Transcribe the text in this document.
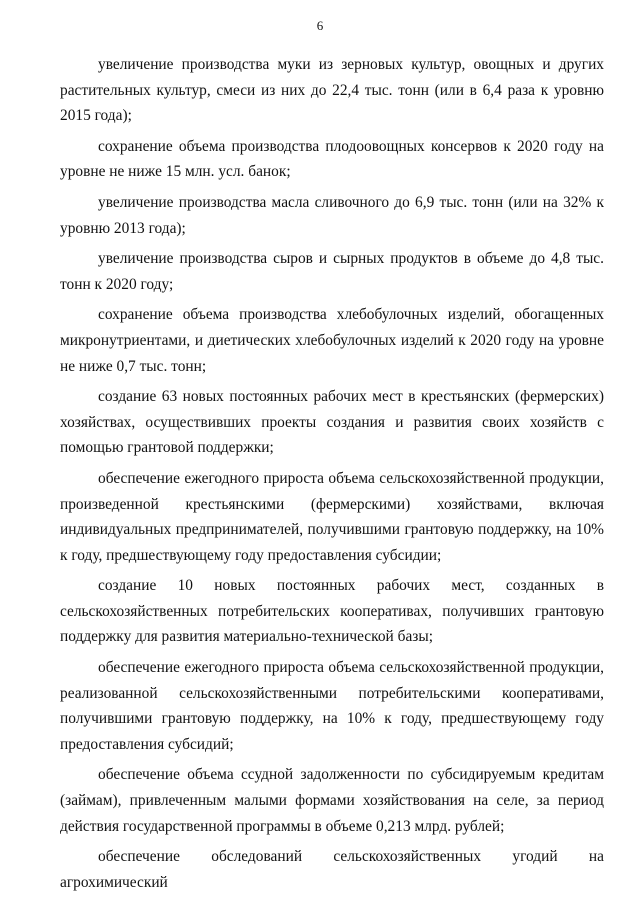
6

увеличение производства муки из зерновых культур, овощных и других растительных культур, смеси из них до 22,4 тыс. тонн (или в 6,4 раза к уровню 2015 года);

сохранение объема производства плодоовощных консервов к 2020 году на уровне не ниже 15 млн. усл. банок;

увеличение производства масла сливочного до 6,9 тыс. тонн (или на 32% к уровню 2013 года);

увеличение производства сыров и сырных продуктов в объеме до 4,8 тыс. тонн к 2020 году;

сохранение объема производства хлебобулочных изделий, обогащенных микронутриентами, и диетических хлебобулочных изделий к 2020 году на уровне не ниже 0,7 тыс. тонн;

создание 63 новых постоянных рабочих мест в крестьянских (фермерских) хозяйствах, осуществивших проекты создания и развития своих хозяйств с помощью грантовой поддержки;

обеспечение ежегодного прироста объема сельскохозяйственной продукции, произведенной крестьянскими (фермерскими) хозяйствами, включая индивидуальных предпринимателей, получившими грантовую поддержку, на 10% к году, предшествующему году предоставления субсидии;

создание 10 новых постоянных рабочих мест, созданных в сельскохозяйственных потребительских кооперативах, получивших грантовую поддержку для развития материально-технической базы;

обеспечение ежегодного прироста объема сельскохозяйственной продукции, реализованной сельскохозяйственными потребительскими кооперативами, получившими грантовую поддержку, на 10% к году, предшествующему году предоставления субсидий;

обеспечение объема ссудной задолженности по субсидируемым кредитам (займам), привлеченным малыми формами хозяйствования на селе, за период действия государственной программы в объеме 0,213 млрд. рублей;

обеспечение обследований сельскохозяйственных угодий на агрохимический
